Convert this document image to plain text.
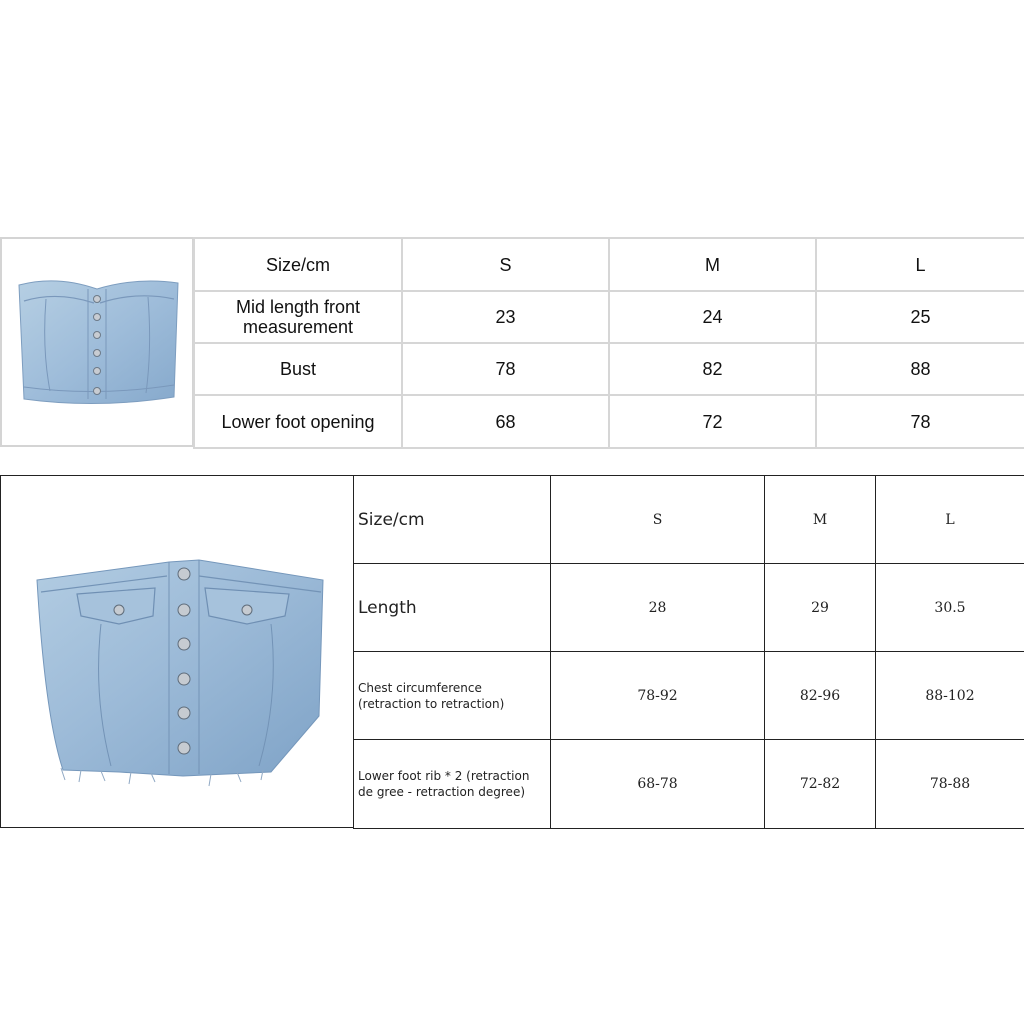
Size/cm	S	M	L
Mid length front measurement	23	24	25
Bust	78	82	88
Lower foot opening	68	72	78
Size/cm	S	M	L
Length	28	29	30.5
Chest circumference (retraction to retraction)	78-92	82-96	88-102
Lower foot rib * 2 (retraction de gree - retraction degree)	68-78	72-82	78-88
